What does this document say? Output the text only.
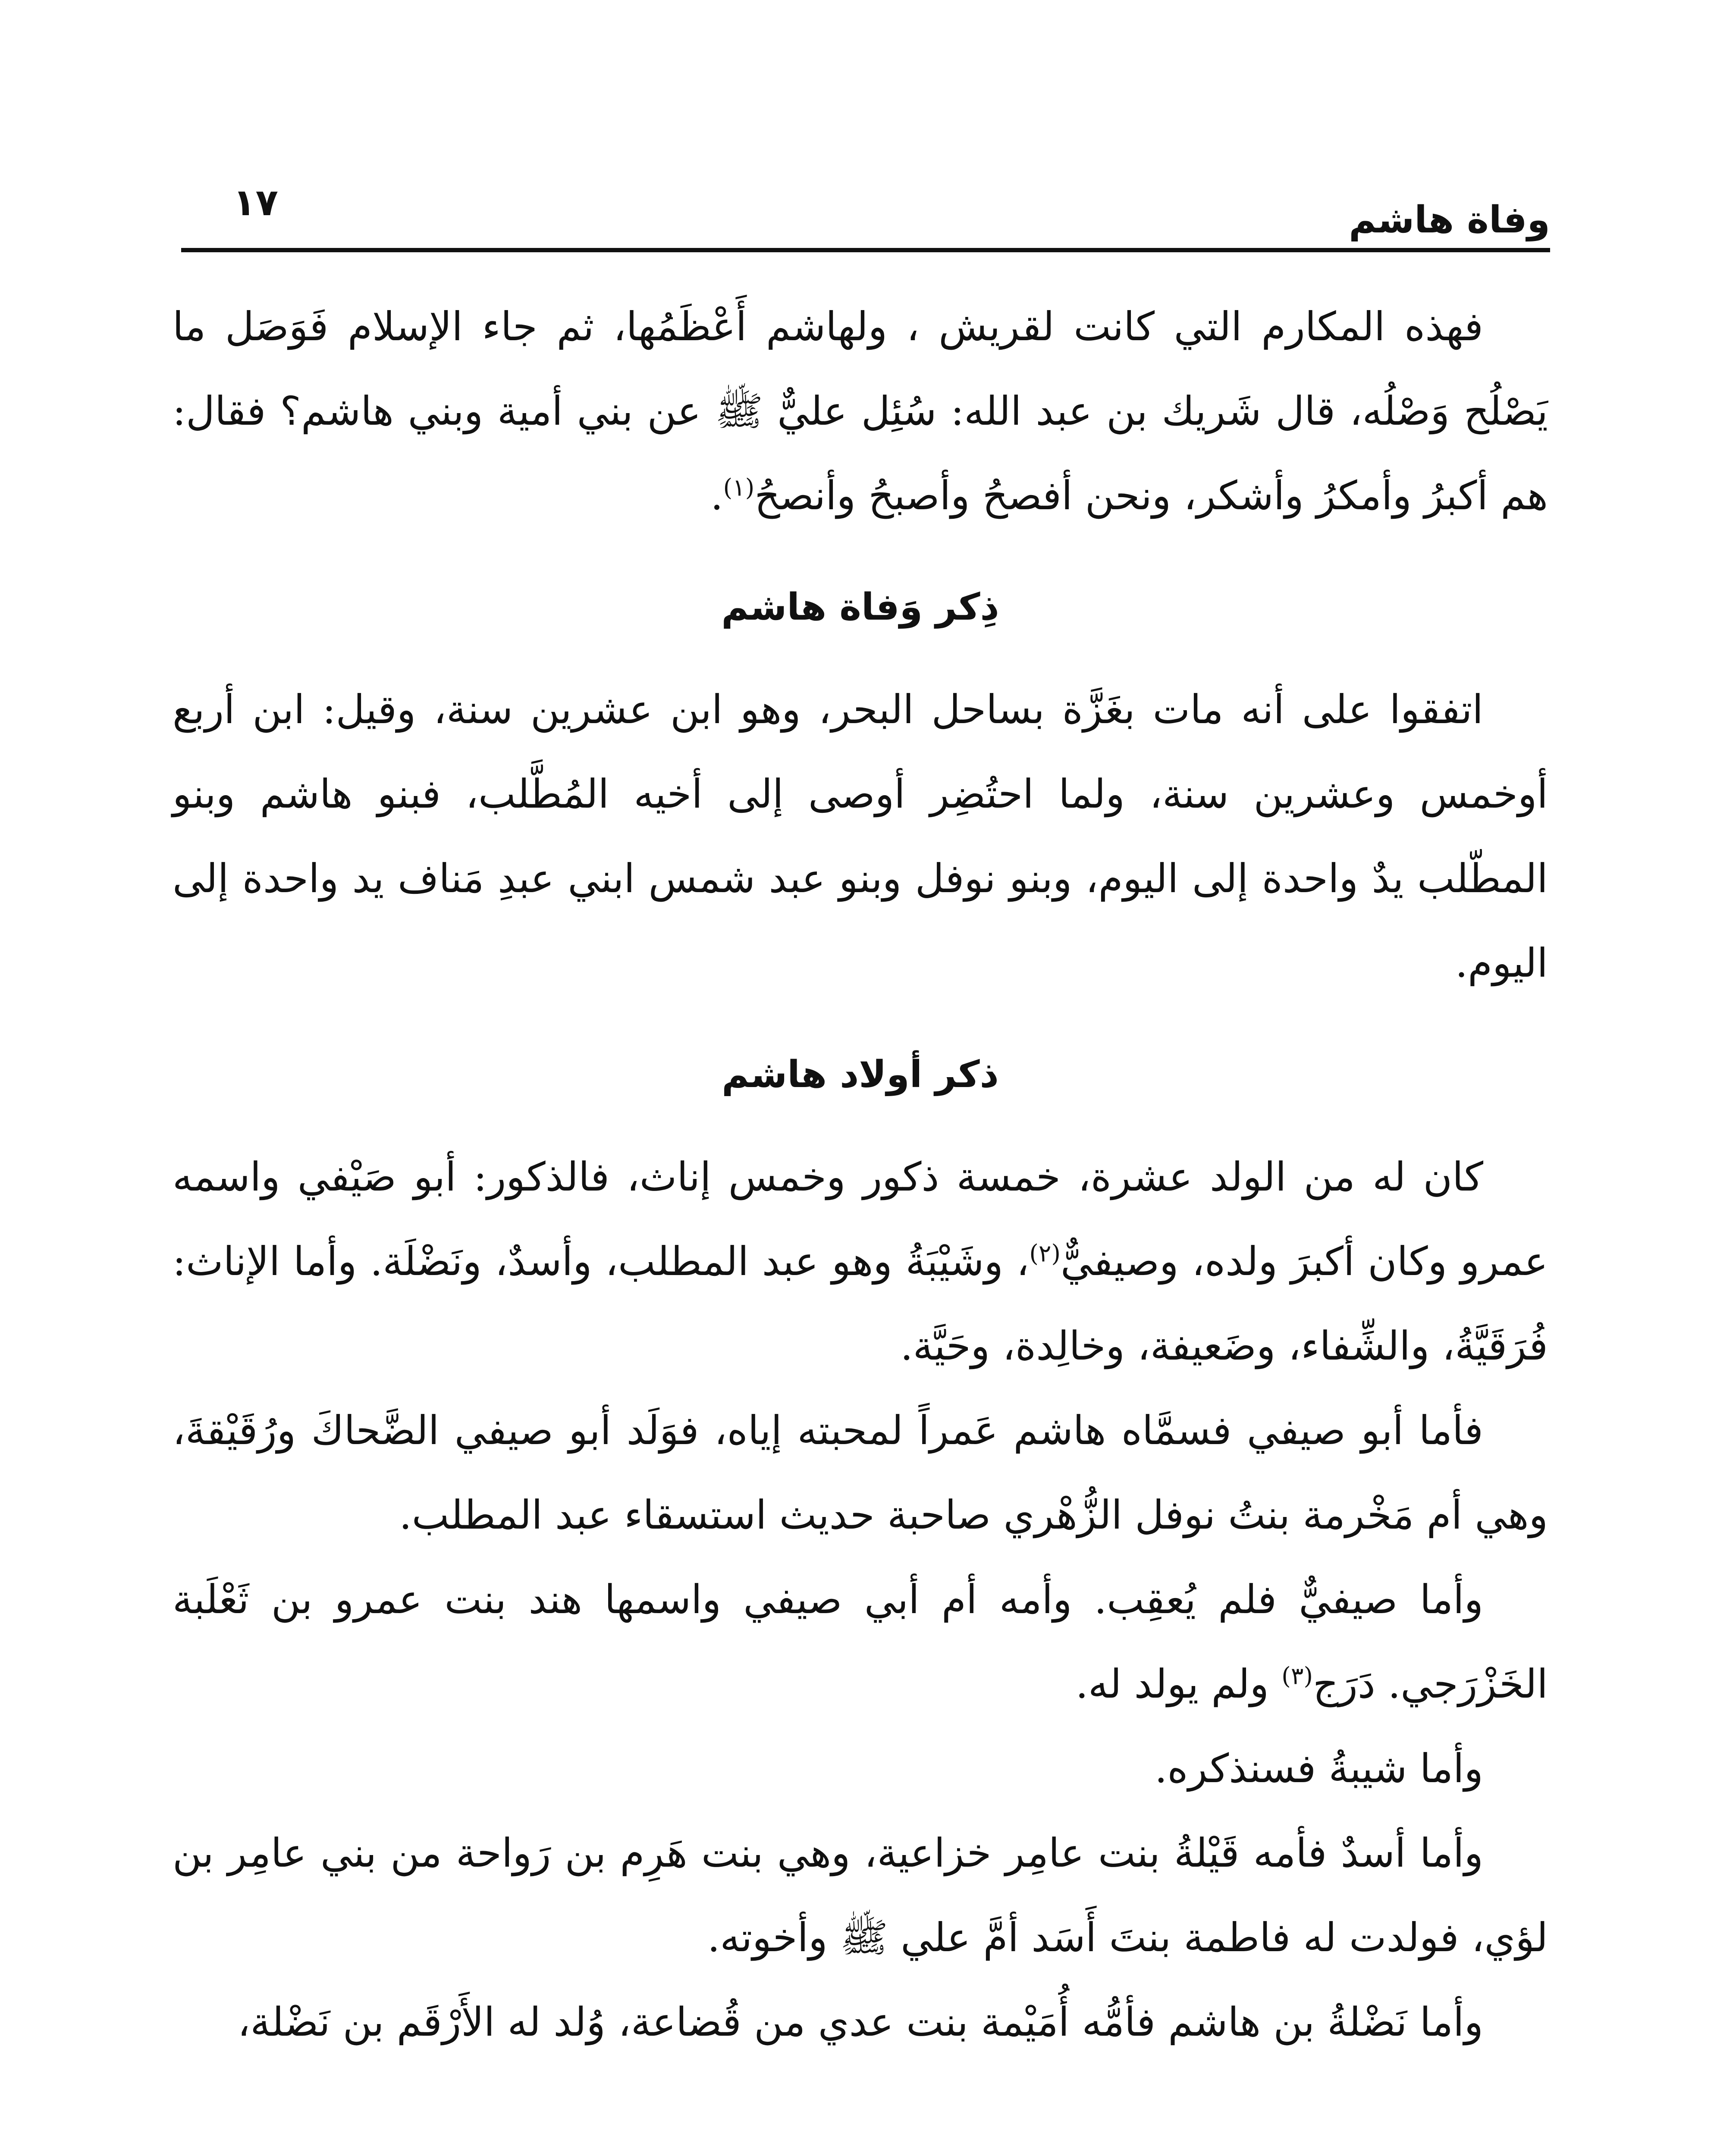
وفاة هاشم
١٧

فهذه المكارم التي كانت لقريش ، ولهاشم أَعْظَمُها، ثم جاء الإسلام فَوَصَل ما يَصْلُح وَصْلُه، قال شَريك بن عبد الله: سُئِل عليٌّ ﷺ عن بني أمية وبني هاشم؟ فقال: هم أكبرُ وأمكرُ وأشكر، ونحن أفصحُ وأصبحُ وأنصحُ$^{(١)}$.

ذِكر وَفاة هاشم

اتفقوا على أنه مات بغَزَّة بساحل البحر، وهو ابن عشرين سنة، وقيل: ابن أربع أوخمس وعشرين سنة، ولما احتُضِر أوصى إلى أخيه المُطَّلب، فبنو هاشم وبنو المطّلب يدٌ واحدة إلى اليوم، وبنو نوفل وبنو عبد شمس ابني عبدِ مَناف يد واحدة إلى اليوم.

ذكر أولاد هاشم

كان له من الولد عشرة، خمسة ذكور وخمس إناث، فالذكور: أبو صَيْفي واسمه عمرو وكان أكبرَ ولده، وصيفيٌّ$^{(٢)}$، وشَيْبَةُ وهو عبد المطلب، وأسدٌ، ونَضْلَة. وأما الإناث: فُرَقَيَّةُ، والشِّفاء، وضَعيفة، وخالِدة، وحَيَّة.

فأما أبو صيفي فسمَّاه هاشم عَمراً لمحبته إياه، فوَلَد أبو صيفي الضَّحاكَ ورُقَيْقةَ، وهي أم مَخْرمة بنتُ نوفل الزُّهْري صاحبة حديث استسقاء عبد المطلب.

وأما صيفيٌّ فلم يُعقِب. وأمه أم أبي صيفي واسمها هند بنت عمرو بن ثَعْلَبة الخَزْرَجي. دَرَج$^{(٣)}$ ولم يولد له.

وأما شيبةُ فسنذكره.

وأما أسدٌ فأمه قَيْلةُ بنت عامِر خزاعية، وهي بنت هَرِم بن رَواحة من بني عامِر بن لؤي، فولدت له فاطمة بنتَ أَسَد أمَّ علي ﷺ وأخوته.

وأما نَضْلةُ بن هاشم فأمُّه أُمَيْمة بنت عدي من قُضاعة، وُلد له الأَرْقَم بن نَضْلة،
